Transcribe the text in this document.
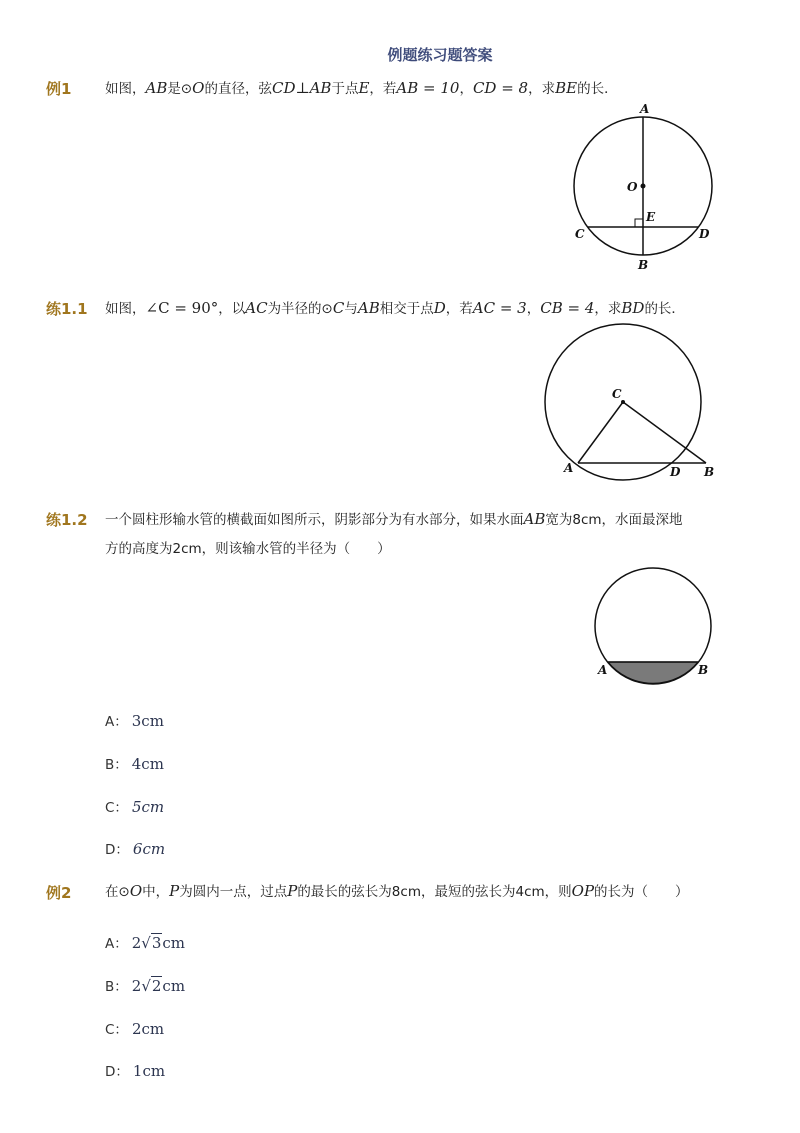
例题练习题答案
例1 如图，AB是⊙O的直径，弦CD⊥AB于点E，若AB = 10，CD = 8，求BE的长．
A
O
E
C	D
B
练1.1 如图，∠C = 90°，以AC为半径的⊙C与AB相交于点D，若AC = 3，CB = 4，求BD的长．
C
A	D B
练1.2 一个圆柱形输水管的横截面如图所示，阴影部分为有水部分，如果水面AB宽为8cm，水面最深地
方的高度为2cm，则该输水管的半径为（　　）
A	B
A： 3cm
B： 4cm
C： 5cm
D： 6cm
例2 在⊙O中，P为圆内一点，过点P的最长的弦长为8cm，最短的弦长为4cm，则OP的长为（　　）
A： 2√3cm
B： 2√2cm
C： 2cm
D： 1cm
